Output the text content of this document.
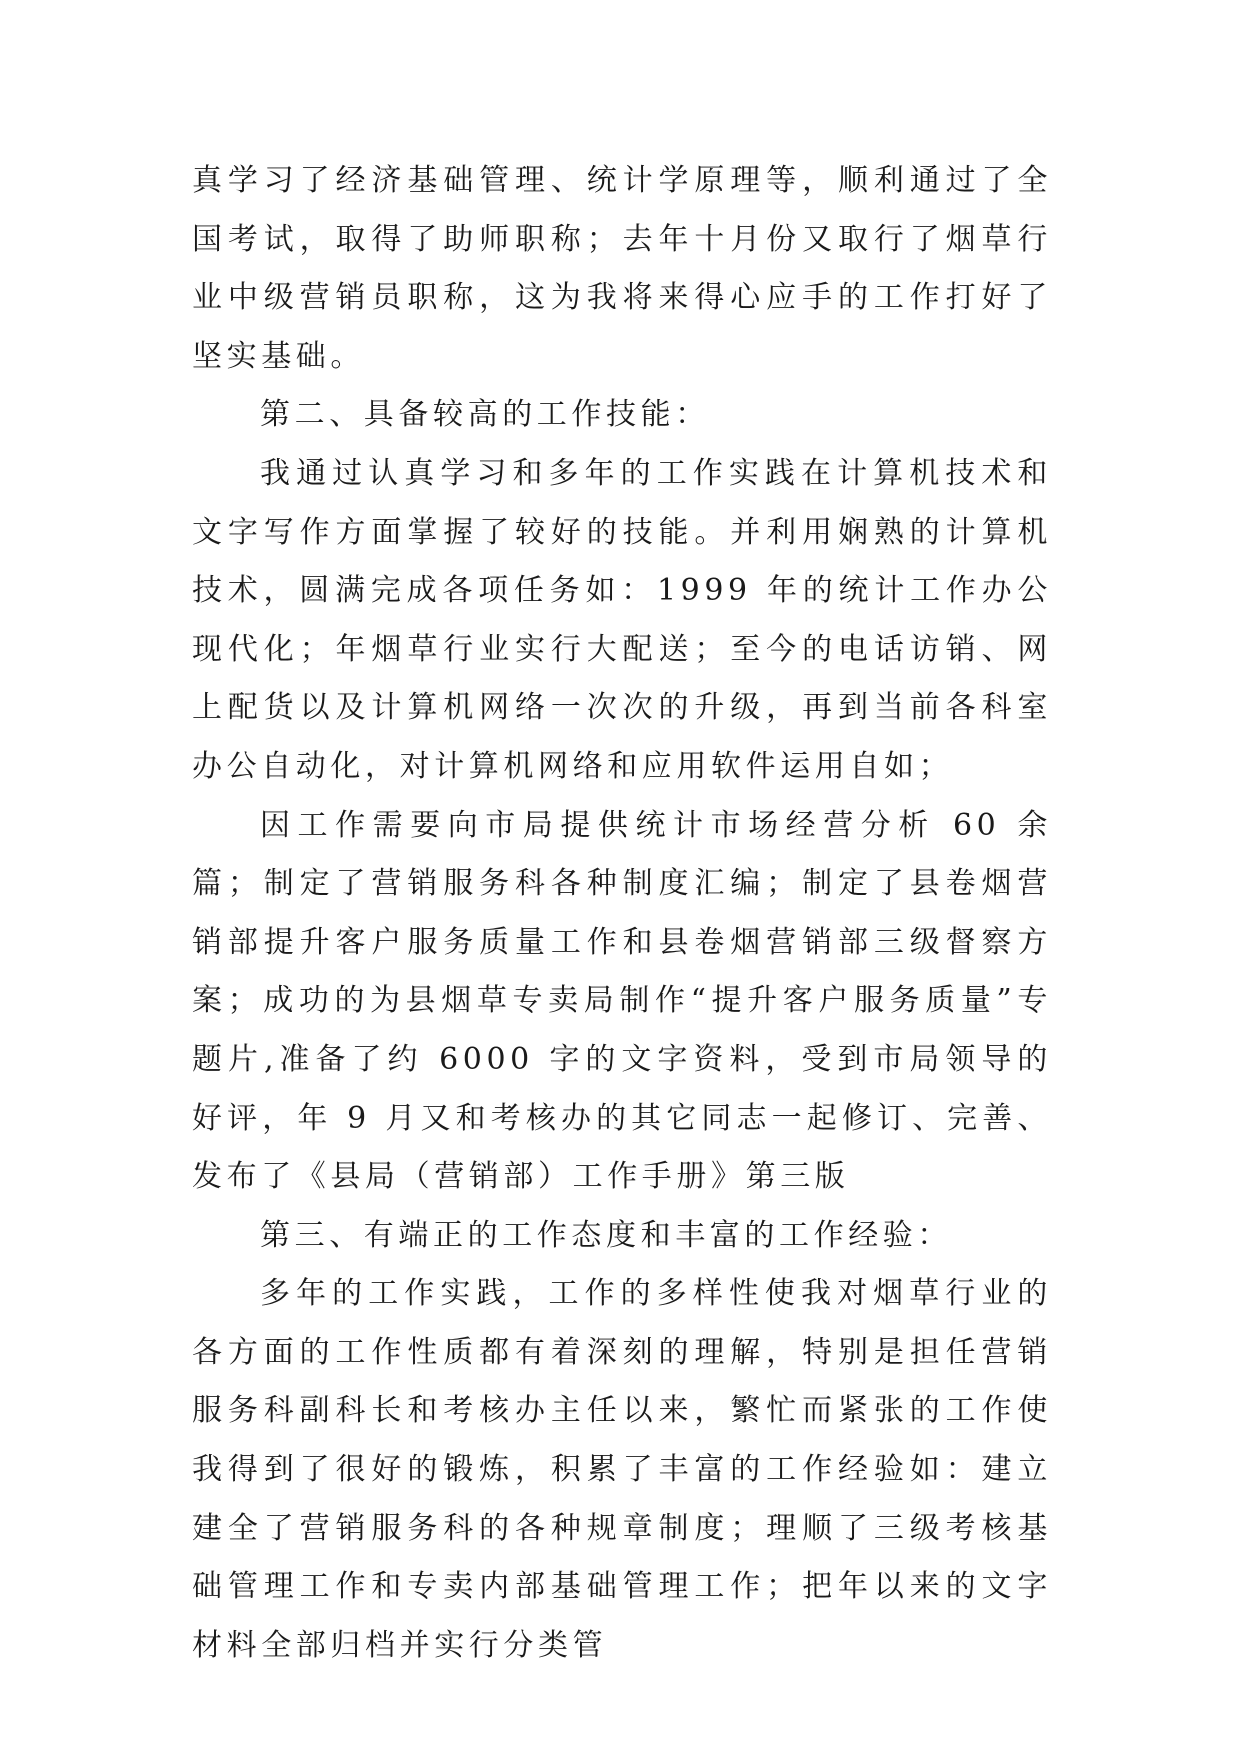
真学习了经济基础管理、统计学原理等，顺利通过了全国考试，取得了助师职称；去年十月份又取行了烟草行业中级营销员职称，这为我将来得心应手的工作打好了坚实基础。

第二、具备较高的工作技能：

我通过认真学习和多年的工作实践在计算机技术和文字写作方面掌握了较好的技能。并利用娴熟的计算机技术，圆满完成各项任务如：1999 年的统计工作办公现代化；年烟草行业实行大配送；至今的电话访销、网上配货以及计算机网络一次次的升级，再到当前各科室办公自动化，对计算机网络和应用软件运用自如；

因工作需要向市局提供统计市场经营分析 60 余篇；制定了营销服务科各种制度汇编；制定了县卷烟营销部提升客户服务质量工作和县卷烟营销部三级督察方案；成功的为县烟草专卖局制作“提升客户服务质量”专题片,准备了约 6000 字的文字资料，受到市局领导的好评，年 9 月又和考核办的其它同志一起修订、完善、发布了《县局（营销部）工作手册》第三版

第三、有端正的工作态度和丰富的工作经验：

多年的工作实践，工作的多样性使我对烟草行业的各方面的工作性质都有着深刻的理解，特别是担任营销服务科副科长和考核办主任以来，繁忙而紧张的工作使我得到了很好的锻炼，积累了丰富的工作经验如：建立建全了营销服务科的各种规章制度；理顺了三级考核基础管理工作和专卖内部基础管理工作；把年以来的文字材料全部归档并实行分类管
